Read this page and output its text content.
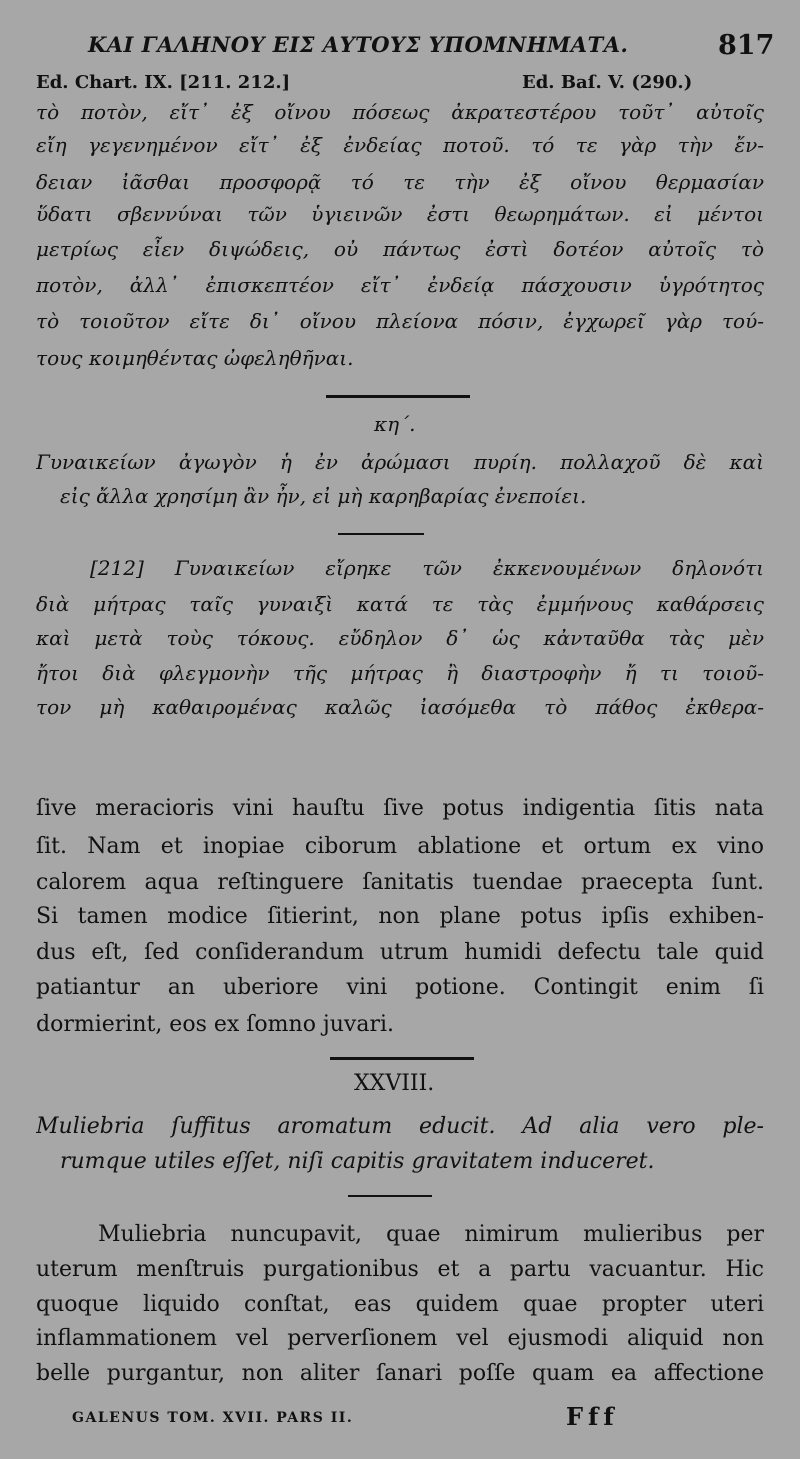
ΚΑΙ ΓΑΛΗΝΟΥ ΕΙΣ ΑΥΤΟΥΣ ΥΠΟΜΝΗΜΑΤΑ.	817
Ed. Chart. IX. [211. 212.]	Ed. Baſ. V. (290.)
τὸ ποτὸν, εἴτ᾽ ἐξ οἴνου πόσεως ἀκρατεστέρου τοῦτ᾽ αὐτοῖς
εἴη γεγενημένον εἴτ᾽ ἐξ ἐνδείας ποτοῦ. τό τε γὰρ τὴν ἔν-
δειαν ἰᾶσθαι προσφορᾷ τό τε τὴν ἐξ οἴνου θερμασίαν
ὕδατι σβεννύναι τῶν ὑγιεινῶν ἐστι θεωρημάτων. εἰ μέντοι
μετρίως εἶεν διψώδεις, οὐ πάντως ἐστὶ δοτέον αὐτοῖς τὸ
ποτὸν, ἀλλ᾽ ἐπισκεπτέον εἴτ᾽ ἐνδείᾳ πάσχουσιν ὑγρότητος
τὸ τοιοῦτον εἴτε δι᾽ οἴνου πλείονα πόσιν, ἐγχωρεῖ γὰρ τού-
τους κοιμηθέντας ὠφεληθῆναι.
κη΄.
Γυναικείων ἀγωγὸν ἡ ἐν ἀρώμασι πυρίη. πολλαχοῦ δὲ καὶ
εἰς ἄλλα χρησίμη ἂν ἦν, εἰ μὴ καρηβαρίας ἐνεποίει.
[212] Γυναικείων εἴρηκε τῶν ἐκκενουμένων δηλονότι
διὰ μήτρας ταῖς γυναιξὶ κατά τε τὰς ἐμμήνους καθάρσεις
καὶ μετὰ τοὺς τόκους. εὔδηλον δ᾽ ὡς κἀνταῦθα τὰς μὲν
ἤτοι διὰ φλεγμονὴν τῆς μήτρας ἢ διαστροφὴν ἤ τι τοιοῦ-
τον μὴ καθαιρομένας καλῶς ἰασόμεθα τὸ πάθος ἐκθερα-
ſive meracioris vini hauſtu ſive potus indigentia ſitis nata
ſit. Nam et inopiae ciborum ablatione et ortum ex vino
calorem aqua reſtinguere ſanitatis tuendae praecepta ſunt.
Si tamen modice ſitierint, non plane potus ipſis exhiben-
dus eſt, ſed conſiderandum utrum humidi defectu tale quid
patiantur an uberiore vini potione. Contingit enim ſi
dormierint, eos ex ſomno juvari.
XXVIII.
Muliebria ſuffitus aromatum educit. Ad alia vero ple-
rumque utiles eſſet, niſi capitis gravitatem induceret.
Muliebria nuncupavit, quae nimirum mulieribus per
uterum menſtruis purgationibus et a partu vacuantur. Hic
quoque liquido conſtat, eas quidem quae propter uteri
inflammationem vel perverſionem vel ejusmodi aliquid non
belle purgantur, non aliter ſanari poſſe quam ea affectione
GALENUS TOM. XVII. PARS II.	Fff
